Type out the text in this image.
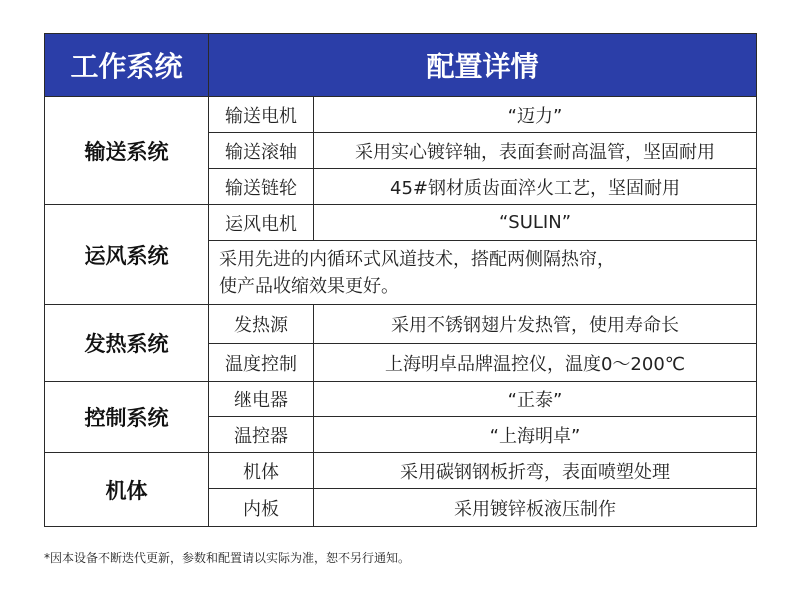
工作系统	配置详情	
输送系统	输送电机	“迈力”
	输送滚轴	采用实心镀锌轴，表面套耐高温管，坚固耐用
	输送链轮	45#钢材质齿面淬火工艺，坚固耐用
运风系统	运风电机	“SULIN”

	采用先进的内循环式风道技术，搭配两侧隔热帘，
使产品收缩效果更好。	

发热系统	发热源	采用不锈钢翅片发热管，使用寿命长
	温度控制	上海明卓品牌温控仪，温度0～200℃
控制系统	继电器	“正泰”
	温控器	“上海明卓”
机体	机体	采用碳钢钢板折弯，表面喷塑处理
	内板	采用镀锌板液压制作
*因本设备不断迭代更新，参数和配置请以实际为准，恕不另行通知。
